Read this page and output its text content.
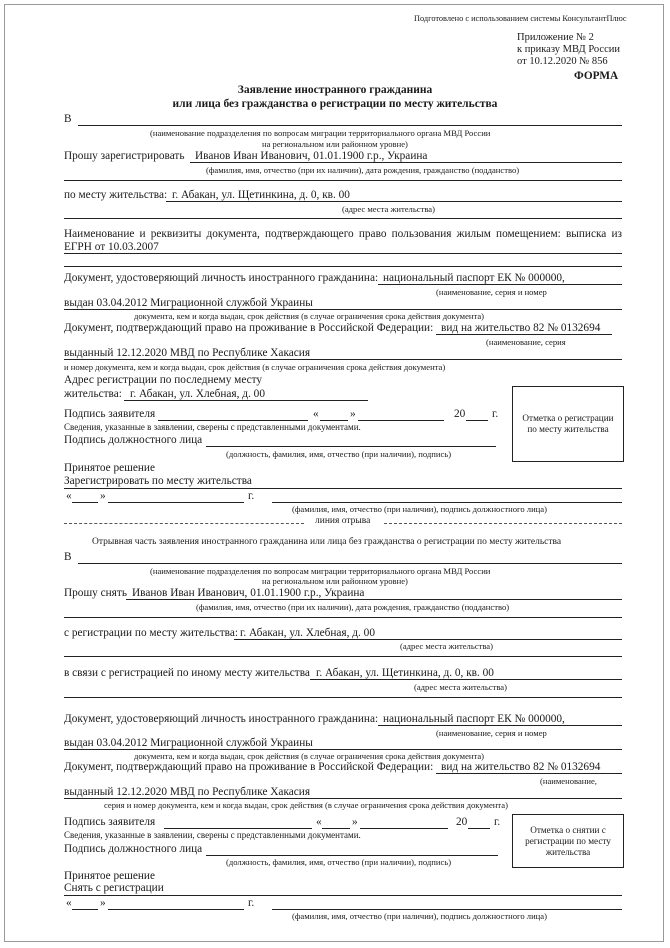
Подготовлено с использованием системы КонсультантПлюс
Приложение № 2
к приказу МВД России
от 10.12.2020 № 856
ФОРМА
Заявление иностранного гражданина
или лица без гражданства о регистрации по месту жительства
В
(наименование подразделения по вопросам миграции территориального органа МВД России
на региональном или районном уровне)
Прошу зарегистрировать Иванов Иван Иванович, 01.01.1900 г.р., Украина
(фамилия, имя, отчество (при их наличии), дата рождения, гражданство (подданство)
по месту жительства: г. Абакан, ул. Щетинкина, д. 0, кв. 00
(адрес места жительства)
Наименование и реквизиты документа, подтверждающего право пользования жилым помещением: выписка из ЕГРН от 10.03.2007
Документ, удостоверяющий личность иностранного гражданина: национальный паспорт ЕК № 000000,
(наименование, серия и номер
выдан 03.04.2012 Миграционной службой Украины
документа, кем и когда выдан, срок действия (в случае ограничения срока действия документа)
Документ, подтверждающий право на проживание в Российской Федерации: вид на жительство 82 № 0132694
(наименование, серия
выданный 12.12.2020 МВД по Республике Хакасия
и номер документа, кем и когда выдан, срок действия (в случае ограничения срока действия документа)
Адрес регистрации по последнему месту
жительства: г. Абакан, ул. Хлебная, д. 00
Подпись заявителя	«	»	20 г.
Сведения, указанные в заявлении, сверены с представленными документами.
Подпись должностного лица
(должность, фамилия, имя, отчество (при наличии), подпись)
Отметка о регистрации по месту жительства
Принятое решение
Зарегистрировать по месту жительства
«	»	г.
(фамилия, имя, отчество (при наличии), подпись должностного лица)
линия отрыва
Отрывная часть заявления иностранного гражданина или лица без гражданства о регистрации по месту жительства
В
(наименование подразделения по вопросам миграции территориального органа МВД России
на региональном или районном уровне)
Прошу снять Иванов Иван Иванович, 01.01.1900 г.р., Украина
(фамилия, имя, отчество (при их наличии), дата рождения, гражданство (подданство)
с регистрации по месту жительства: г. Абакан, ул. Хлебная, д. 00
(адрес места жительства)
в связи с регистрацией по иному месту жительства г. Абакан, ул. Щетинкина, д. 0, кв. 00
(адрес места жительства)
Документ, удостоверяющий личность иностранного гражданина: национальный паспорт ЕК № 000000,
(наименование, серия и номер
выдан 03.04.2012 Миграционной службой Украины
документа, кем и когда выдан, срок действия (в случае ограничения срока действия документа)
Документ, подтверждающий право на проживание в Российской Федерации: вид на жительство 82 № 0132694
(наименование,
выданный 12.12.2020 МВД по Республике Хакасия
серия и номер документа, кем и когда выдан, срок действия (в случае ограничения срока действия документа)
Подпись заявителя	«	»	20 г.
Сведения, указанные в заявлении, сверены с представленными документами.
Подпись должностного лица
(должность, фамилия, имя, отчество (при наличии), подпись)
Отметка о снятии с регистрации по месту жительства
Принятое решение
Снять с регистрации
«	»	г.
(фамилия, имя, отчество (при наличии), подпись должностного лица)
